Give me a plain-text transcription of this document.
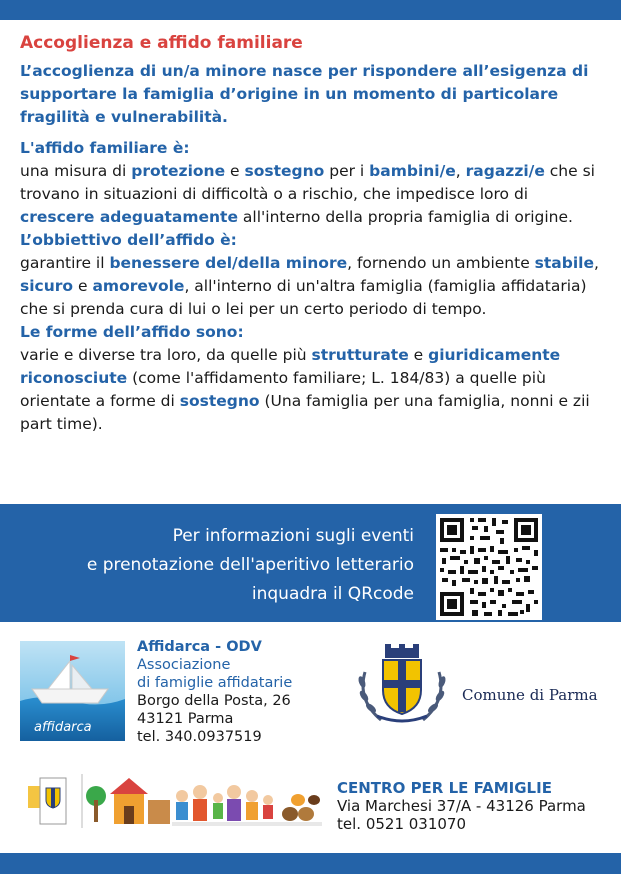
Accoglienza e affido familiare

L’accoglienza di un/a minore nasce per rispondere all’esigenza di supportare la famiglia d’origine in un momento di particolare fragilità e vulnerabilità.

L'affido familiare è:

una misura di protezione e sostegno per i bambini/e, ragazzi/e che si trovano in situazioni di difficoltà o a rischio, che impedisce loro di crescere adeguatamente all'interno della propria famiglia di origine.

L’obbiettivo dell’affido è:

garantire il benessere del/della minore, fornendo un ambiente stabile, sicuro e amorevole, all'interno di un'altra famiglia (famiglia affidataria) che si prenda cura di lui o lei per un certo periodo di tempo.

Le forme dell’affido sono:

varie e diverse tra loro, da quelle più strutturate e giuridicamente riconosciute (come l'affidamento familiare; L. 184/83) a quelle più orientate a forme di sostegno (Una famiglia per una famiglia, nonni e zii part time).

Per informazioni sugli eventi
e prenotazione dell'aperitivo letterario
inquadra il QRcode
affidarca
Affidarca - ODV
Associazione
di famiglie affidatarie
Borgo della Posta, 26
43121 Parma
tel. 340.0937519
Comune di Parma
CENTRO PER LE FAMIGLIE
Via Marchesi 37/A - 43126 Parma
tel. 0521 031070
